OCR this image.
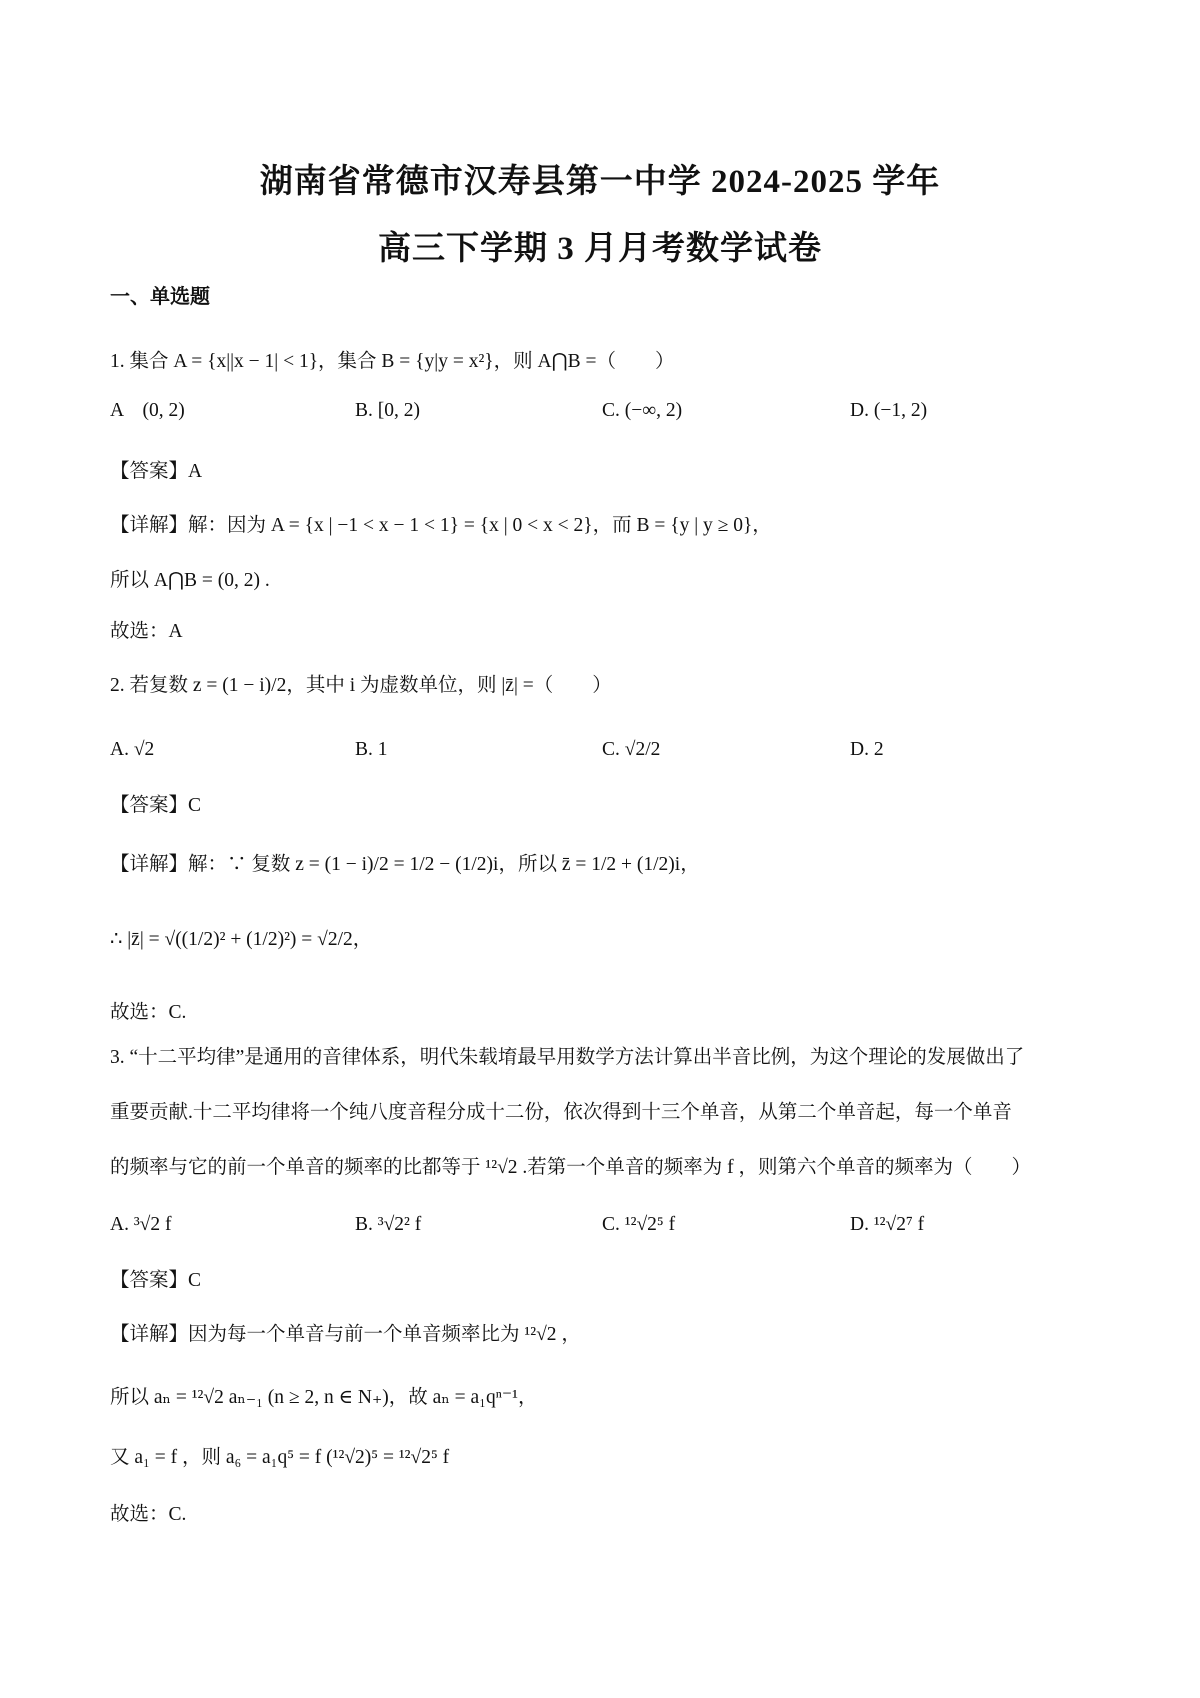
湖南省常德市汉寿县第一中学 2024-2025 学年
高三下学期 3 月月考数学试卷
一、单选题
1. 集合 A = {x||x − 1| < 1}，集合 B = {y|y = x²}，则 A⋂B =（　　）
A　(0, 2)	B. [0, 2)	C. (−∞, 2)	D. (−1, 2)
【答案】A
【详解】解：因为 A = {x | −1 < x − 1 < 1} = {x | 0 < x < 2}，而 B = {y | y ≥ 0}，
所以 A⋂B = (0, 2) .
故选：A
2. 若复数 z = (1 − i)/2，其中 i 为虚数单位，则 |z̄| =（　　）
A. √2	B. 1	C. √2/2	D. 2
【答案】C
【详解】解：∵ 复数 z = (1 − i)/2 = 1/2 − (1/2)i，所以 z̄ = 1/2 + (1/2)i，
∴ |z̄| = √((1/2)² + (1/2)²) = √2/2，
故选：C.
3. “十二平均律”是通用的音律体系，明代朱载堉最早用数学方法计算出半音比例，为这个理论的发展做出了
重要贡献.十二平均律将一个纯八度音程分成十二份，依次得到十三个单音，从第二个单音起，每一个单音
的频率与它的前一个单音的频率的比都等于 ¹²√2 .若第一个单音的频率为 f ，则第六个单音的频率为（　　）
A. ³√2 f	B. ³√2² f	C. ¹²√2⁵ f	D. ¹²√2⁷ f
【答案】C
【详解】因为每一个单音与前一个单音频率比为 ¹²√2 ，
所以 aₙ = ¹²√2 aₙ₋₁ (n ≥ 2, n ∈ N₊)，故 aₙ = a₁qⁿ⁻¹，
又 a₁ = f ，则 a₆ = a₁q⁵ = f (¹²√2)⁵ = ¹²√2⁵ f
故选：C.
